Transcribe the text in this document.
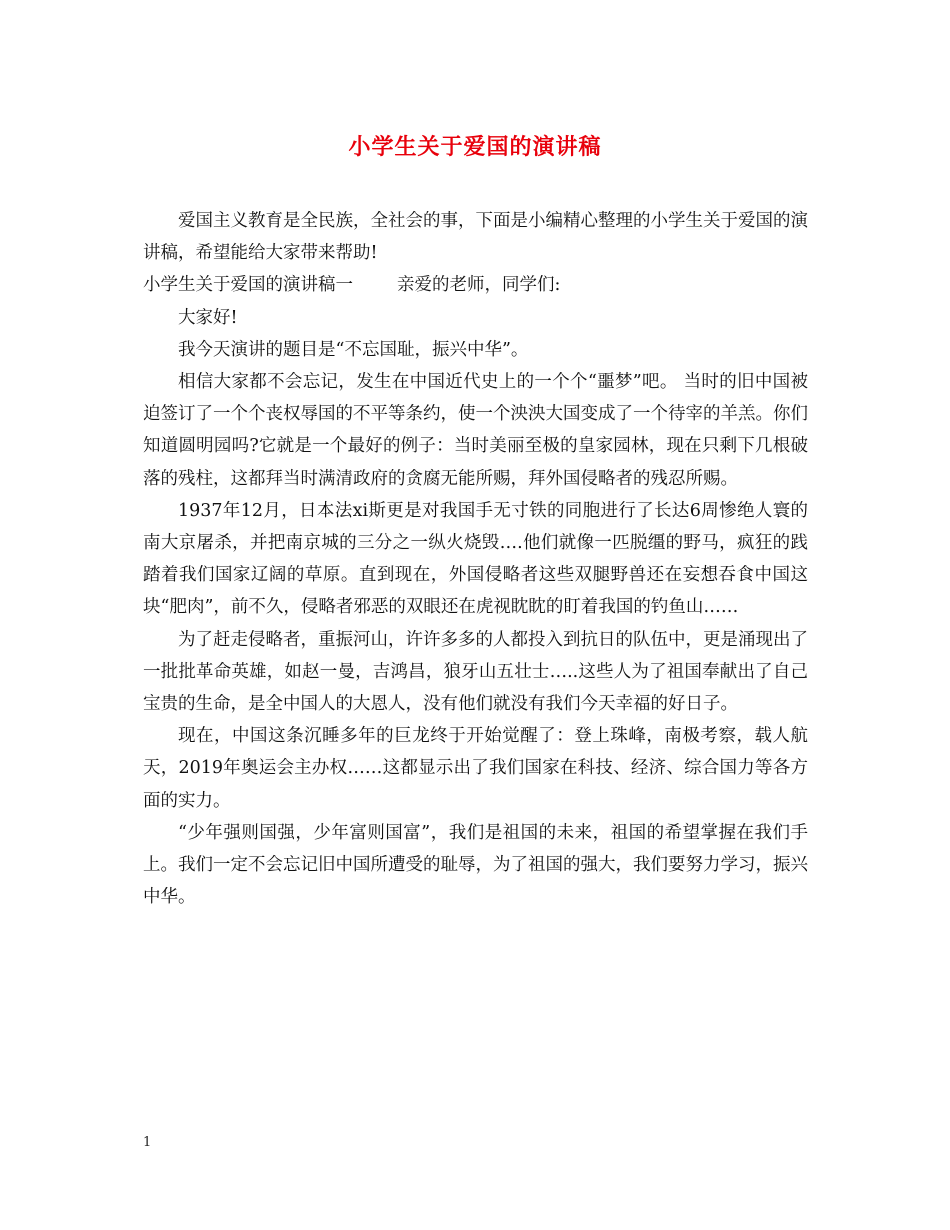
小学生关于爱国的演讲稿

爱国主义教育是全民族，全社会的事，下面是小编精心整理的小学生关于爱国的演讲稿，希望能给大家带来帮助!

小学生关于爱国的演讲稿一	亲爱的老师，同学们:

大家好!

我今天演讲的题目是“不忘国耻，振兴中华”。

相信大家都不会忘记，发生在中国近代史上的一个个“噩梦”吧。 当时的旧中国被迫签订了一个个丧权辱国的不平等条约，使一个泱泱大国变成了一个待宰的羊羔。你们知道圆明园吗?它就是一个最好的例子：当时美丽至极的皇家园林，现在只剩下几根破落的残柱，这都拜当时满清政府的贪腐无能所赐，拜外国侵略者的残忍所赐。

1937年12月，日本法xi斯更是对我国手无寸铁的同胞进行了长达6周惨绝人寰的南大京屠杀，并把南京城的三分之一纵火烧毁….他们就像一匹脱缰的野马，疯狂的践踏着我们国家辽阔的草原。直到现在，外国侵略者这些双腿野兽还在妄想吞食中国这块“肥肉”，前不久，侵略者邪恶的双眼还在虎视眈眈的盯着我国的钓鱼山……

为了赶走侵略者，重振河山，许许多多的人都投入到抗日的队伍中，更是涌现出了一批批革命英雄，如赵一曼，吉鸿昌，狼牙山五壮士…..这些人为了祖国奉献出了自己宝贵的生命，是全中国人的大恩人，没有他们就没有我们今天幸福的好日子。

现在，中国这条沉睡多年的巨龙终于开始觉醒了：登上珠峰，南极考察，载人航天，2019年奥运会主办权……这都显示出了我们国家在科技、经济、综合国力等各方面的实力。

“少年强则国强，少年富则国富”，我们是祖国的未来，祖国的希望掌握在我们手上。我们一定不会忘记旧中国所遭受的耻辱，为了祖国的强大，我们要努力学习，振兴中华。

1
